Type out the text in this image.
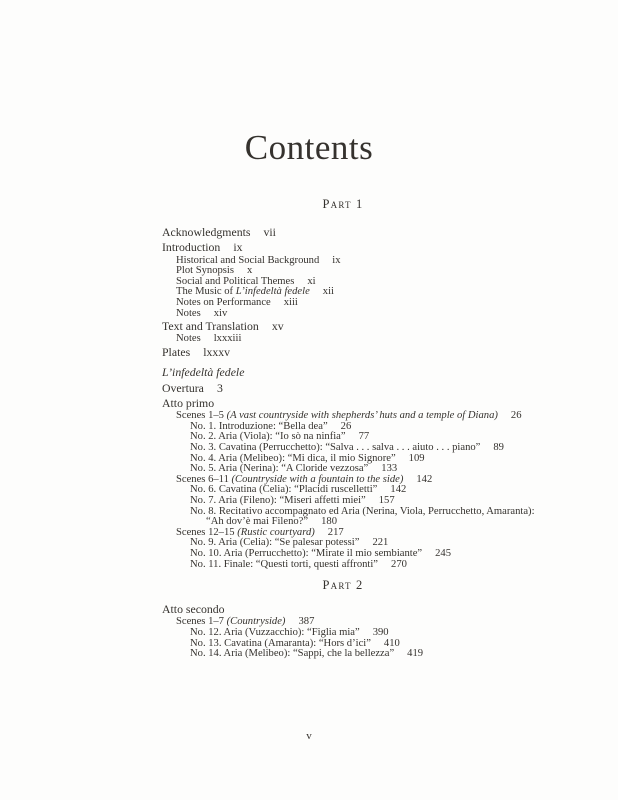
Contents
Part 1
Acknowledgments vii
Introduction ix
Historical and Social Background ix
Plot Synopsis x
Social and Political Themes xi
The Music of L’infedeltà fedele xii
Notes on Performance xiii
Notes xiv
Text and Translation xv
Notes lxxxiii
Plates lxxxv
L’infedeltà fedele
Overtura 3
Atto primo
Scenes 1–5 (A vast countryside with shepherds’ huts and a temple of Diana) 26
No. 1. Introduzione: “Bella dea” 26
No. 2. Aria (Viola): “Io sò na ninfia” 77
No. 3. Cavatina (Perrucchetto): “Salva . . . salva . . . aiuto . . . piano” 89
No. 4. Aria (Melibeo): “Mi dica, il mio Signore” 109
No. 5. Aria (Nerina): “A Cloride vezzosa” 133
Scenes 6–11 (Countryside with a fountain to the side) 142
No. 6. Cavatina (Celia): “Placidi ruscelletti” 142
No. 7. Aria (Fileno): “Miseri affetti miei” 157
No. 8. Recitativo accompagnato ed Aria (Nerina, Viola, Perrucchetto, Amaranta):
“Ah dov’è mai Fileno?” 180
Scenes 12–15 (Rustic courtyard) 217
No. 9. Aria (Celia): “Se palesar potessi” 221
No. 10. Aria (Perrucchetto): “Mirate il mio sembiante” 245
No. 11. Finale: “Questi torti, questi affronti” 270
Part 2
Atto secondo
Scenes 1–7 (Countryside) 387
No. 12. Aria (Vuzzacchio): “Figlia mia” 390
No. 13. Cavatina (Amaranta): “Hors d’ici” 410
No. 14. Aria (Melibeo): “Sappi, che la bellezza” 419
v
